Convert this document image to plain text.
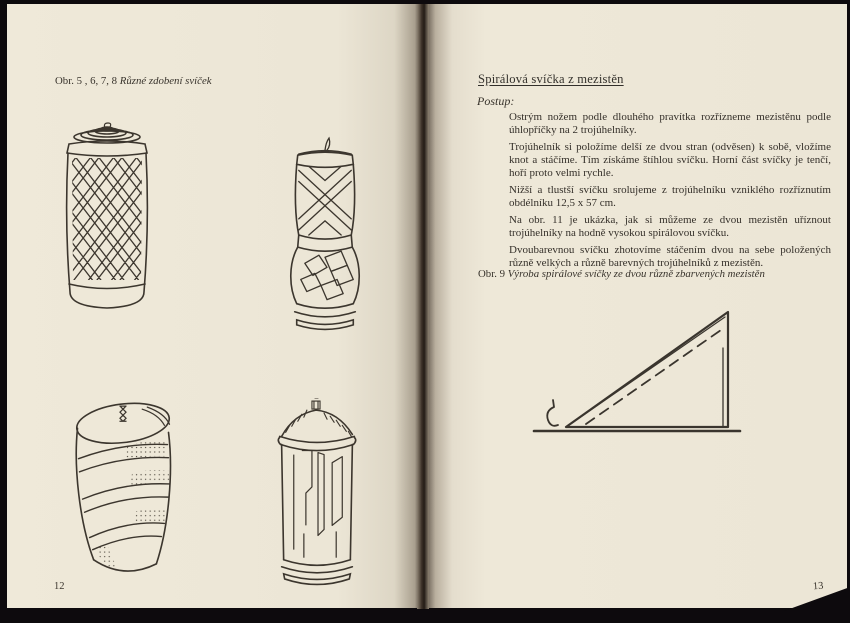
Obr. 5 , 6, 7, 8 Různé zdobení svíček
12
Spirálová svíčka z mezistěn
Postup:

Ostrým nožem podle dlouhého pravítka rozřízneme mezistěnu podle úhlopříčky na 2 trojúhelníky.

Trojúhelník si položíme delší ze dvou stran (odvěsen) k sobě, vložíme knot a stáčíme. Tím získáme štíhlou svíčku. Horní část svíčky je tenčí, hoří proto velmi rychle.

Nižší a tlustší svíčku srolujeme z trojúhelníku vzniklého rozříznutím obdélníku 12,5 x 57 cm.

Na obr. 11 je ukázka, jak si můžeme ze dvou mezistěn uříznout trojúhelníky na hodně vysokou spirálovou svíčku.

Dvoubarevnou svíčku zhotovíme stáčením dvou na sebe položených různě velkých a různě barevných trojúhelníků z mezistěn.

Obr. 9 Výroba spirálové svíčky ze dvou různě zbarvených mezistěn
13
